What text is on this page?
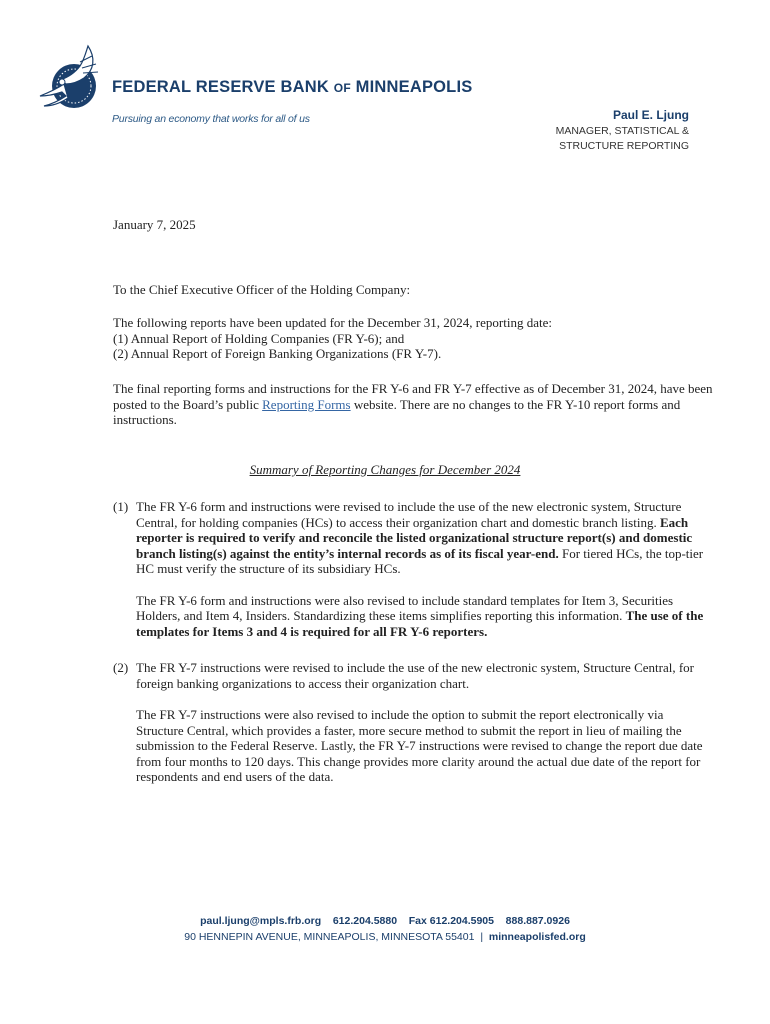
FEDERAL RESERVE BANK OF MINNEAPOLIS
Pursuing an economy that works for all of us	Paul E. Ljung
MANAGER, STATISTICAL &
STRUCTURE REPORTING
January 7, 2025
To the Chief Executive Officer of the Holding Company:

The following reports have been updated for the December 31, 2024, reporting date:

(1) Annual Report of Holding Companies (FR Y-6); and

(2) Annual Report of Foreign Banking Organizations (FR Y-7).

The final reporting forms and instructions for the FR Y-6 and FR Y-7 effective as of December 31, 2024, have been posted to the Board’s public Reporting Forms website. There are no changes to the FR Y-10 report forms and instructions.
Summary of Reporting Changes for December 2024
(1) The FR Y-6 form and instructions were revised to include the use of the new electronic system, Structure Central, for holding companies (HCs) to access their organization chart and domestic branch listing. Each reporter is required to verify and reconcile the listed organizational structure report(s) and domestic branch listing(s) against the entity’s internal records as of its fiscal year-end. For tiered HCs, the top-tier HC must verify the structure of its subsidiary HCs.

The FR Y-6 form and instructions were also revised to include standard templates for Item 3, Securities Holders, and Item 4, Insiders. Standardizing these items simplifies reporting this information. The use of the templates for Items 3 and 4 is required for all FR Y-6 reporters.

(2) The FR Y-7 instructions were revised to include the use of the new electronic system, Structure Central, for foreign banking organizations to access their organization chart.

The FR Y-7 instructions were also revised to include the option to submit the report electronically via Structure Central, which provides a faster, more secure method to submit the report in lieu of mailing the submission to the Federal Reserve. Lastly, the FR Y-7 instructions were revised to change the report due date from four months to 120 days. This change provides more clarity around the actual due date of the report for respondents and end users of the data.

paul.ljung@mpls.frb.org 612.204.5880 Fax 612.204.5905 888.887.0926
90 HENNEPIN AVENUE, MINNEAPOLIS, MINNESOTA 55401 | minneapolisfed.org
